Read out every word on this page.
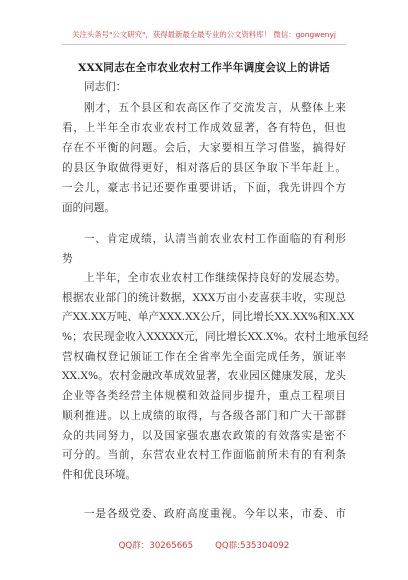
关注头条号"公文研究"，获得最新最全最专业的公文资料库！ 微信：gongwenyj
XXX同志在全市农业农村工作半年调度会议上的讲话
同志们：
刚才，五个县区和农高区作了交流发言，从整体上来
看，上半年全市农业农村工作成效显著，各有特色，但也
存在不平衡的问题。会后，大家要相互学习借鉴，搞得好
的县区争取做得更好，相对落后的县区争取下半年赶上。
一会儿，豪志书记还要作重要讲话，下面，我先讲四个方
面的问题。
一、肯定成绩，认清当前农业农村工作面临的有利形
势
上半年，全市农业农村工作继续保持良好的发展态势。
根据农业部门的统计数据，XXX万亩小麦喜获丰收，实现总
产XX.XX万吨、单产XXX.XX公斤，同比增长XX.XX%和X.XX
%；农民现金收入XXXXX元，同比增长XX.X%。农村土地承包经
营权确权登记颁证工作在全省率先全面完成任务，颁证率
XX.X%。农村金融改革成效显著，农业园区健康发展，龙头
企业等各类经营主体规模和效益同步提升，重点工程项目
顺利推进。以上成绩的取得，与各级各部门和广大干部群
众的共同努力，以及国家强农惠农政策的有效落实是密不
可分的。当前，东营农业农村工作面临前所未有的有利条
件和优良环境。
一是各级党委、政府高度重视。今年以来，市委、市
QQ群：30265665	QQ群:535304092
